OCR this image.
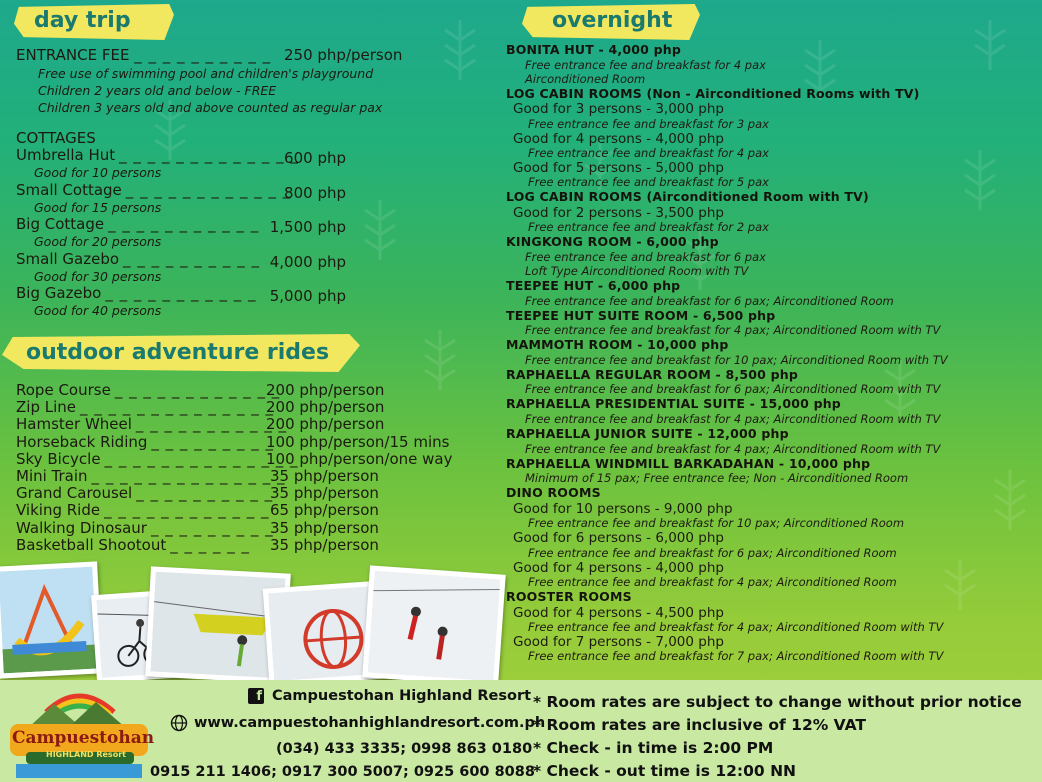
day trip
ENTRANCE FEE _ _ _ _ _ _ _ _ _ _ 250 php/person
Free use of swimming pool and children's playground
Children 2 years old and below - FREE
Children 3 years old and above counted as regular pax
COTTAGES
Umbrella Hut _ _ _ _ _ _ _ _ _ _ _ _ _
600 php
Good for 10 persons
Small Cottage _ _ _ _ _ _ _ _ _ _ _ _
800 php
Good for 15 persons
Big Cottage _ _ _ _ _ _ _ _ _ _ _ 1,500 php
Good for 20 persons
Small Gazebo _ _ _ _ _ _ _ _ _ _ 4,000 php
Good for 30 persons
Big Gazebo _ _ _ _ _ _ _ _ _ _ _ 5,000 php
Good for 40 persons
outdoor adventure rides
Rope Course _ _ _ _ _ _ _ _ _ _ _ _
200 php/person
Zip Line _ _ _ _ _ _ _ _ _ _ _ _ _ _
200 php/person
Hamster Wheel _ _ _ _ _ _ _ _ _ _ _
200 php/person
Horseback Riding _ _ _ _ _ _ _ _ _
100 php/person/15 mins
Sky Bicycle _ _ _ _ _ _ _ _ _ _ _ _ _ _
100 php/person/one way
Mini Train _ _ _ _ _ _ _ _ _ _ _ _ _ _
35 php/person
Grand Carousel _ _ _ _ _ _ _ _ _ _
35 php/person
Viking Ride _ _ _ _ _ _ _ _ _ _ _ _ 65 php/person
Walking Dinosaur _ _ _ _ _ _ _ _ _
35 php/person
Basketball Shootout _ _ _ _ _ _ 35 php/person
overnight
BONITA HUT - 4,000 php
Free entrance fee and breakfast for 4 pax
Airconditioned Room
LOG CABIN ROOMS (Non - Airconditioned Rooms with TV)
Good for 3 persons - 3,000 php
Free entrance fee and breakfast for 3 pax
Good for 4 persons - 4,000 php
Free entrance fee and breakfast for 4 pax
Good for 5 persons - 5,000 php
Free entrance fee and breakfast for 5 pax
LOG CABIN ROOMS (Airconditioned Room with TV)
Good for 2 persons - 3,500 php
Free entrance fee and breakfast for 2 pax
KINGKONG ROOM - 6,000 php
Free entrance fee and breakfast for 6 pax
Loft Type Airconditioned Room with TV
TEEPEE HUT - 6,000 php
Free entrance fee and breakfast for 6 pax; Airconditioned Room
TEEPEE HUT SUITE ROOM - 6,500 php
Free entrance fee and breakfast for 4 pax; Airconditioned Room with TV
MAMMOTH ROOM - 10,000 php
Free entrance fee and breakfast for 10 pax; Airconditioned Room with TV
RAPHAELLA REGULAR ROOM - 8,500 php
Free entrance fee and breakfast for 6 pax; Airconditioned Room with TV
RAPHAELLA PRESIDENTIAL SUITE - 15,000 php
Free entrance fee and breakfast for 4 pax; Airconditioned Room with TV
RAPHAELLA JUNIOR SUITE - 12,000 php
Free entrance fee and breakfast for 4 pax; Airconditioned Room with TV
RAPHAELLA WINDMILL BARKADAHAN - 10,000 php
Minimum of 15 pax; Free entrance fee; Non - Airconditioned Room
DINO ROOMS
Good for 10 persons - 9,000 php
Free entrance fee and breakfast for 10 pax; Airconditioned Room
Good for 6 persons - 6,000 php
Free entrance fee and breakfast for 6 pax; Airconditioned Room
Good for 4 persons - 4,000 php
Free entrance fee and breakfast for 4 pax; Airconditioned Room
ROOSTER ROOMS
Good for 4 persons - 4,500 php
Free entrance fee and breakfast for 4 pax; Airconditioned Room with TV
Good for 7 persons - 7,000 php
Free entrance fee and breakfast for 7 pax; Airconditioned Room with TV
Campuestohan
HIGHLAND Resort
f Campuestohan Highland Resort
www.campuestohanhighlandresort.com.ph
(034) 433 3335; 0998 863 0180
0915 211 1406; 0917 300 5007; 0925 600 8088
* Room rates are subject to change without prior notice
* Room rates are inclusive of 12% VAT
* Check - in time is 2:00 PM
* Check - out time is 12:00 NN
